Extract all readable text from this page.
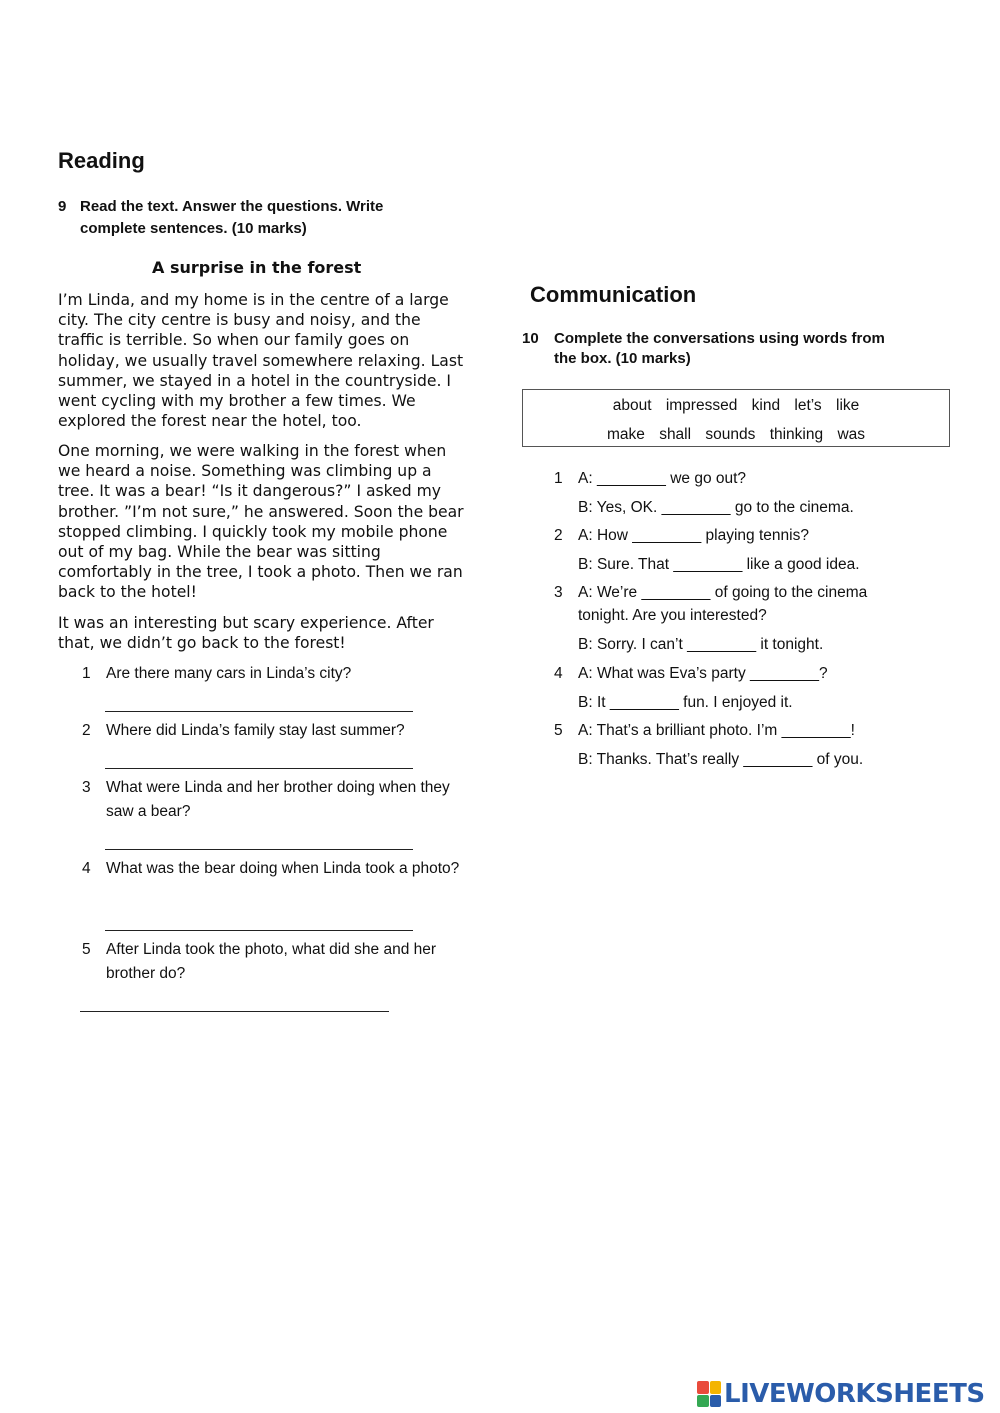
Reading
9 Read the text. Answer the questions. Write
complete sentences. (10 marks)
A surprise in the forest
I’m Linda, and my home is in the centre of a large city. The city centre is busy and noisy, and the traffic is terrible. So when our family goes on holiday, we usually travel somewhere relaxing. Last summer, we stayed in a hotel in the countryside. I went cycling with my brother a few times. We explored the forest near the hotel, too.
One morning, we were walking in the forest when we heard a noise. Something was climbing up a tree. It was a bear! “Is it dangerous?” I asked my brother. ”I’m not sure,” he answered. Soon the bear stopped climbing. I quickly took my mobile phone out of my bag. While the bear was sitting comfortably in the tree, I took a photo. Then we ran back to the hotel!
It was an interesting but scary experience. After that, we didn’t go back to the forest!
1 Are there many cars in Linda’s city?
2 Where did Linda’s family stay last summer?
3 What were Linda and her brother doing when they saw a bear?
4 What was the bear doing when Linda took a photo?
5 After Linda took the photo, what did she and her brother do?
Communication
10 Complete the conversations using words from
the box. (10 marks)
about impressed kind let’s like
make shall sounds thinking was
1 A: ________ we go out?
B: Yes, OK. ________ go to the cinema.
2 A: How ________ playing tennis?
B: Sure. That ________ like a good idea.
3 A: We’re ________ of going to the cinema
tonight. Are you interested?
B: Sorry. I can’t ________ it tonight.
4 A: What was Eva’s party ________?
B: It ________ fun. I enjoyed it.
5 A: That’s a brilliant photo. I’m ________!
B: Thanks. That’s really ________ of you.
LIVEWORKSHEETS
